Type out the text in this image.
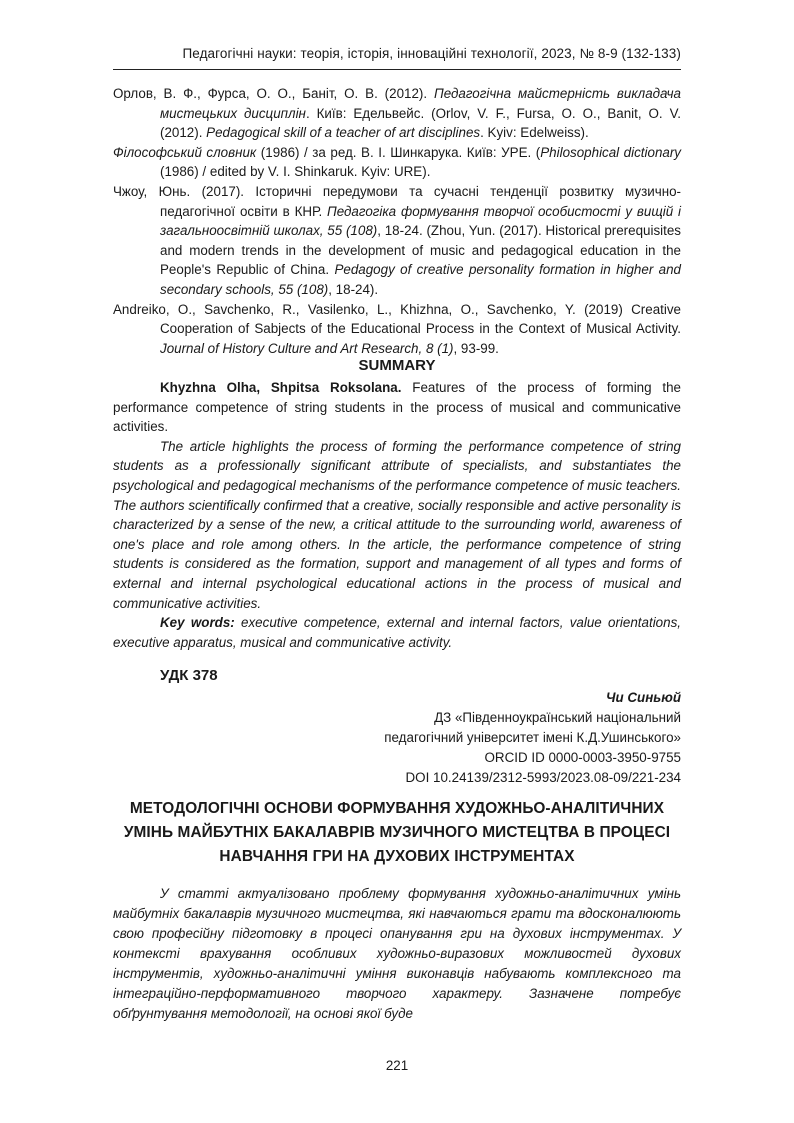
Педагогічні науки: теорія, історія, інноваційні технології, 2023, № 8-9 (132-133)

Орлов, В. Ф., Фурса, О. О., Баніт, О. В. (2012). Педагогічна майстерність викладача мистецьких дисциплін. Київ: Едельвейс. (Orlov, V. F., Fursa, O. O., Banit, O. V. (2012). Pedagogical skill of a teacher of art disciplines. Kyiv: Edelweiss).

Філософський словник (1986) / за ред. В. І. Шинкарука. Київ: УРЕ. (Philosophical dictionary (1986) / edited by V. I. Shinkaruk. Kyiv: URE).

Чжоу, Юнь. (2017). Історичні передумови та сучасні тенденції розвитку музично-педагогічної освіти в КНР. Педагогіка формування творчої особистості у вищій і загальноосвітній школах, 55 (108), 18-24. (Zhou, Yun. (2017). Historical prerequisites and modern trends in the development of music and pedagogical education in the People's Republic of China. Pedagogy of creative personality formation in higher and secondary schools, 55 (108), 18-24).

Andreiko, O., Savchenko, R., Vasilenko, L., Khizhna, O., Savchenko, Y. (2019) Creative Cooperation of Sabjects of the Educational Process in the Context of Musical Activity. Journal of History Culture and Art Research, 8 (1), 93-99.

SUMMARY

Khyzhna Olha, Shpitsa Roksolana. Features of the process of forming the performance competence of string students in the process of musical and communicative activities.

The article highlights the process of forming the performance competence of string students as a professionally significant attribute of specialists, and substantiates the psychological and pedagogical mechanisms of the performance competence of music teachers. The authors scientifically confirmed that a creative, socially responsible and active personality is characterized by a sense of the new, a critical attitude to the surrounding world, awareness of one's place and role among others. In the article, the performance competence of string students is considered as the formation, support and management of all types and forms of external and internal psychological educational actions in the process of musical and communicative activities.

Key words: executive competence, external and internal factors, value orientations, executive apparatus, musical and communicative activity.

УДК 378
Чи Синьюй
ДЗ «Південноукраїнський національний
педагогічний університет імені К.Д.Ушинського»
ORCID ID 0000-0003-3950-9755
DOI 10.24139/2312-5993/2023.08-09/221-234
МЕТОДОЛОГІЧНІ ОСНОВИ ФОРМУВАННЯ ХУДОЖНЬО-АНАЛІТИЧНИХ
УМІНЬ МАЙБУТНІХ БАКАЛАВРІВ МУЗИЧНОГО МИСТЕЦТВА В ПРОЦЕСІ
НАВЧАННЯ ГРИ НА ДУХОВИХ ІНСТРУМЕНТАХ

У статті актуалізовано проблему формування художньо-аналітичних умінь майбутніх бакалаврів музичного мистецтва, які навчаються грати та вдосконалюють свою професійну підготовку в процесі опанування гри на духових інструментах. У контексті врахування особливих художньо-виразових можливостей духових інструментів, художньо-аналітичні уміння виконавців набувають комплексного та інтеграційно-перформативного творчого характеру. Зазначене потребує обґрунтування методології, на основі якої буде

221
